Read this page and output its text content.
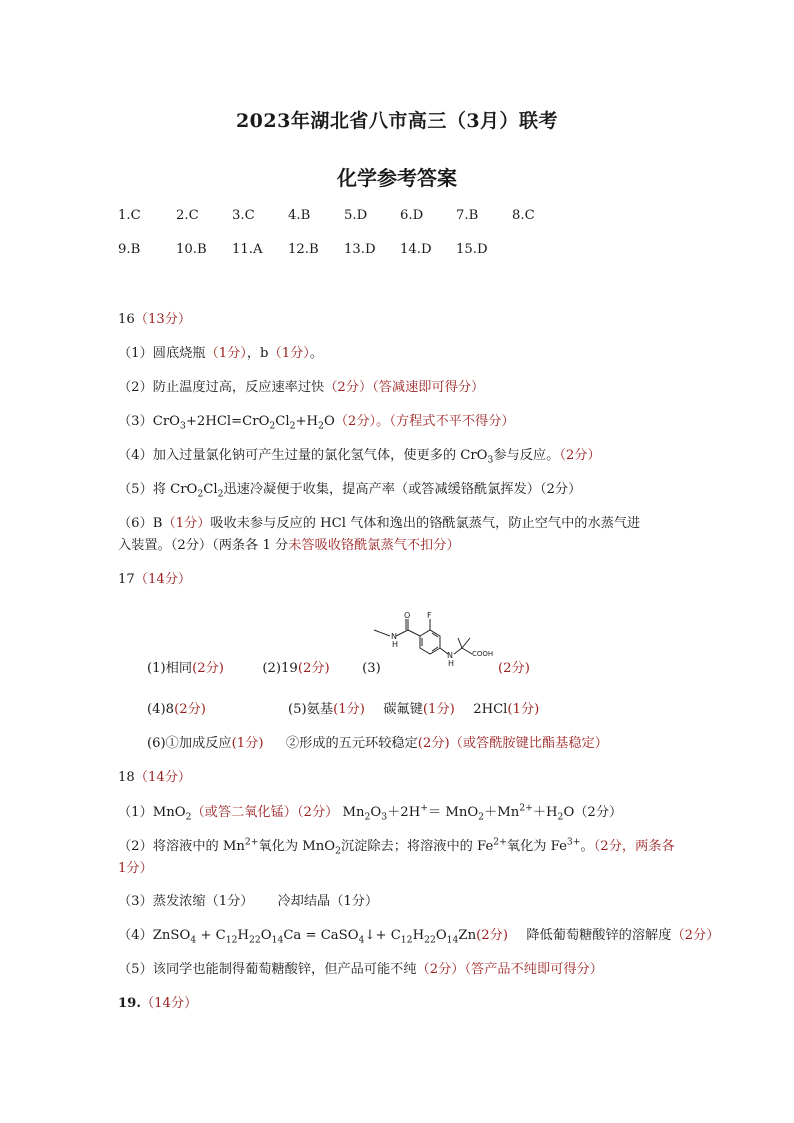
2023年湖北省八市高三（3月）联考
化学参考答案
1.C	2.C	3.C	4.B	5.D 6.D 7.B	8.C
9.B	10.B 11.A 12.B 13.D 14.D 15.D
16（13分）
（1）圆底烧瓶（1分），b（1分）。
（2）防止温度过高，反应速率过快（2分）（答减速即可得分）
$(3)CrO_3+2HCl=CrO_2Cl_2+H_2O(2$分）。（方程式不平不得分）
（4）加入过量氯化钠可产生过量的氯化氢气体，使更多的 CrO$_3$参与反应。（2分）
（5）将 $CrO_2Cl_2$迅速冷凝便于收集，提高产率（或答减缓铬酰氯挥发）（2分）
（6）B（1分）吸收未参与反应的 HCl 气体和逸出的铬酰氯蒸气，防止空气中的水蒸气进
入装置。（2分）（两条各 1 分未答吸收铬酰氯蒸气不扣分）
17（14分）
(1)相同(2分)	(2)19(2分) (3)	(2分)
O F
N
H
N
H
COOH
(4)8(2分)	(5)氨基(1分) 碳氟键(1分) 2HCl(1分)
(6)①加成反应(1分) ②形成的五元环较稳定(2分)（或答酰胺键比酯基稳定）
18（14分）
（1）MnO$_2$（或答二氧化锰）（2分） $Mn_2O_3+2H^+= MnO_2+Mn^{2+}+H_2O(2$分）
（2）将溶液中的 $Mn^{2+}$氧化为 MnO$_2$沉淀除去；将溶液中的 $Fe^{2+}$氧化为 $Fe^{3+}$。（2分，两条各
1分）
（3）蒸发浓缩（1分） 冷却结晶（1分）
（4）ZnSO$_4$ + $C_{12}H_{22}O_{14}Ca$ = CaSO$_4$↓+ $C_{12}H_{22}O_{14}Zn(2$分) 降低葡萄糖酸锌的溶解度（2分）
（5）该同学也能制得葡萄糖酸锌，但产品可能不纯（2分）（答产品不纯即可得分）
19.（14分）
